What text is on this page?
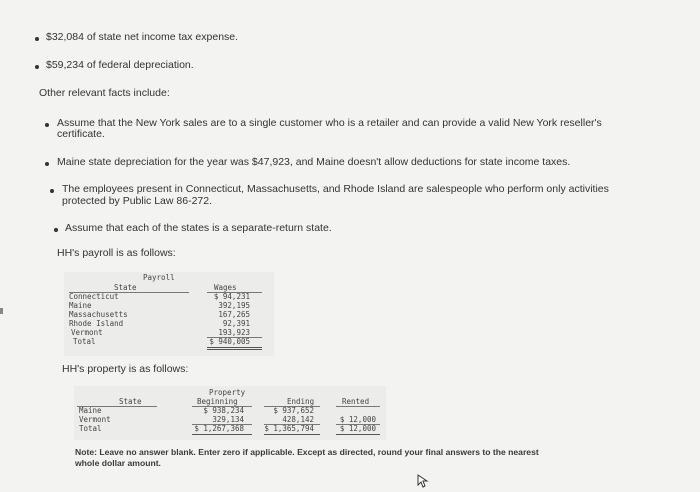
$32,084 of state net income tax expense.
$59,234 of federal depreciation.
Other relevant facts include:
Assume that the New York sales are to a single customer who is a retailer and can provide a valid New York reseller's
certificate.
Maine state depreciation for the year was $47,923, and Maine doesn't allow deductions for state income taxes.
The employees present in Connecticut, Massachusetts, and Rhode Island are salespeople who perform only activities
protected by Public Law 86-272.
Assume that each of the states is a separate-return state.
HH's payroll is as follows:
Payroll
State	Wages
Connecticut	$ 94,231
Maine	392,195
Massachusetts	167,265
Rhode Island	92,391
Vermont	193,923
Total	$ 940,005
HH's property is as follows:
Property
State	Beginning	Ending	Rented
Maine	$ 938,234	$ 937,652
Vermont	329,134	428,142	$ 12,000
Total	$ 1,267,368	$ 1,365,794	$ 12,000
Note: Leave no answer blank. Enter zero if applicable. Except as directed, round your final answers to the nearest
whole dollar amount.
